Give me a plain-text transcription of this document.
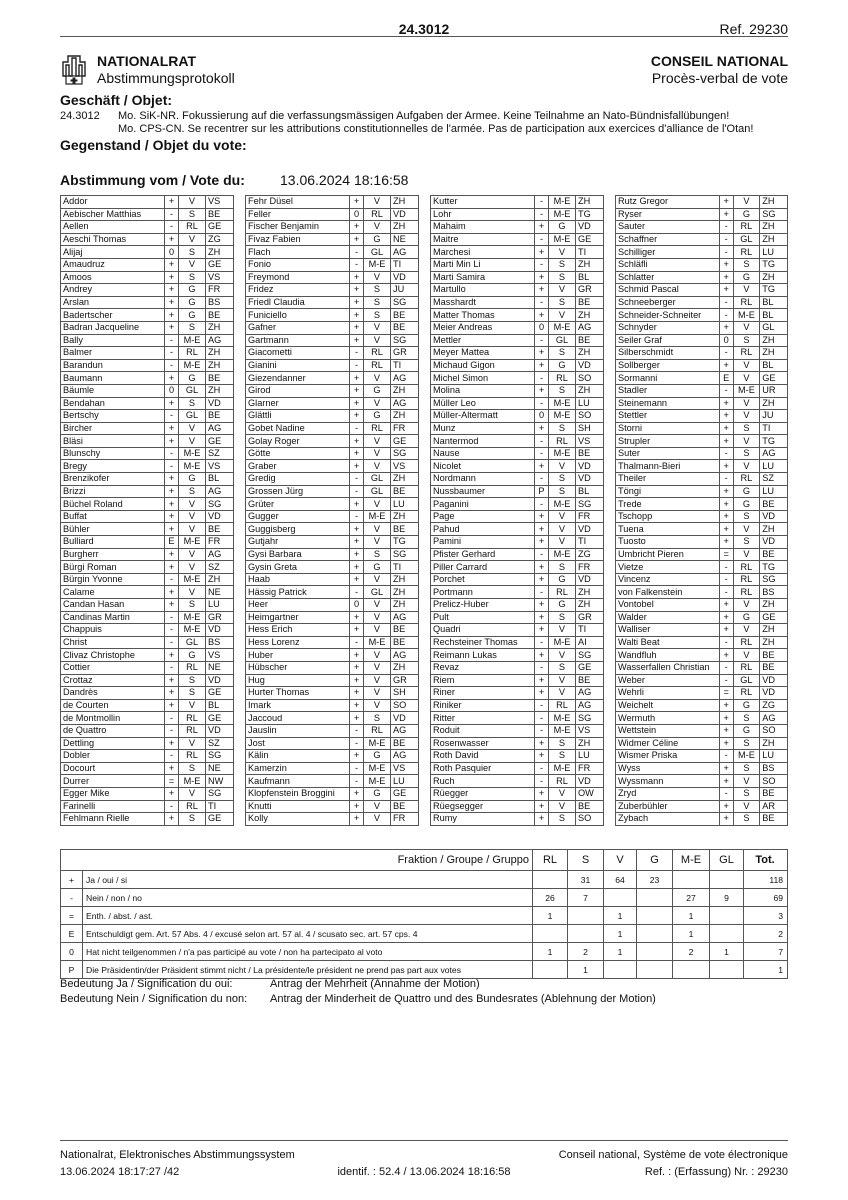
24.3012	Ref. 29230
NATIONALRAT
Abstimmungsprotokoll
CONSEIL NATIONAL
Procès-verbal de vote
Geschäft / Objet:
24.3012 Mo. SiK-NR. Fokussierung auf die verfassungsmässigen Aufgaben der Armee. Keine Teilnahme an Nato-Bündnisfallübungen!
Mo. CPS-CN. Se recentrer sur les attributions constitutionnelles de l'armée. Pas de participation aux exercices d'alliance de l'Otan!
Gegenstand / Objet du vote:
Abstimmung vom / Vote du:	13.06.2024 18:16:58
Addor	+	V	VS
Aebischer Matthias	-	S	BE
Aellen	-	RL	GE
Aeschi Thomas	+	V	ZG
Alijaj	0	S	ZH
Amaudruz	+	V	GE
Amoos	+	S	VS
Andrey	+	G	FR
Arslan	+	G	BS
Badertscher	+	G	BE
Badran Jacqueline	+	S	ZH
Bally	-	M-E	AG
Balmer	-	RL	ZH
Barandun	-	M-E	ZH
Baumann	+	G	BE
Bäumle	0	GL	ZH
Bendahan	+	S	VD
Bertschy	-	GL	BE
Bircher	+	V	AG
Bläsi	+	V	GE
Blunschy	-	M-E	SZ
Bregy	-	M-E	VS
Brenzikofer	+	G	BL
Brizzi	+	S	AG
Büchel Roland	+	V	SG
Buffat	+	V	VD
Bühler	+	V	BE
Bulliard	E	M-E	FR
Burgherr	+	V	AG
Bürgi Roman	+	V	SZ
Bürgin Yvonne	-	M-E	ZH
Calame	+	V	NE
Candan Hasan	+	S	LU
Candinas Martin	-	M-E	GR
Chappuis	-	M-E	VD
Christ	-	GL	BS
Clivaz Christophe	+	G	VS
Cottier	-	RL	NE
Crottaz	+	S	VD
Dandrès	+	S	GE
de Courten	+	V	BL
de Montmollin	-	RL	GE
de Quattro	-	RL	VD
Dettling	+	V	SZ
Dobler	-	RL	SG
Docourt	+	S	NE
Durrer	=	M-E	NW
Egger Mike	+	V	SG
Farinelli	-	RL	TI
Fehlmann Rielle	+	S	GE
Fehr Düsel	+	V	ZH
Feller	0	RL	VD
Fischer Benjamin	+	V	ZH
Fivaz Fabien	+	G	NE
Flach	-	GL	AG
Fonio	-	M-E	TI
Freymond	+	V	VD
Fridez	+	S	JU
Friedl Claudia	+	S	SG
Funiciello	+	S	BE
Gafner	+	V	BE
Gartmann	+	V	SG
Giacometti	-	RL	GR
Gianini	-	RL	TI
Giezendanner	+	V	AG
Girod	+	G	ZH
Glarner	+	V	AG
Glättli	+	G	ZH
Gobet Nadine	-	RL	FR
Golay Roger	+	V	GE
Götte	+	V	SG
Graber	+	V	VS
Gredig	-	GL	ZH
Grossen Jürg	-	GL	BE
Grüter	+	V	LU
Gugger	-	M-E	ZH
Guggisberg	+	V	BE
Gutjahr	+	V	TG
Gysi Barbara	+	S	SG
Gysin Greta	+	G	TI
Haab	+	V	ZH
Hässig Patrick	-	GL	ZH
Heer	0	V	ZH
Heimgartner	+	V	AG
Hess Erich	+	V	BE
Hess Lorenz	-	M-E	BE
Huber	+	V	AG
Hübscher	+	V	ZH
Hug	+	V	GR
Hurter Thomas	+	V	SH
Imark	+	V	SO
Jaccoud	+	S	VD
Jauslin	-	RL	AG
Jost	-	M-E	BE
Kälin	+	G	AG
Kamerzin	-	M-E	VS
Kaufmann	-	M-E	LU
Klopfenstein Broggini	+	G	GE
Knutti	+	V	BE
Kolly	+	V	FR
Kutter	-	M-E	ZH
Lohr	-	M-E	TG
Mahaim	+	G	VD
Maitre	-	M-E	GE
Marchesi	+	V	TI
Marti Min Li	-	S	ZH
Marti Samira	+	S	BL
Martullo	+	V	GR
Masshardt	-	S	BE
Matter Thomas	+	V	ZH
Meier Andreas	0	M-E	AG
Mettler	-	GL	BE
Meyer Mattea	+	S	ZH
Michaud Gigon	+	G	VD
Michel Simon	-	RL	SO
Molina	+	S	ZH
Müller Leo	-	M-E	LU
Müller-Altermatt	0	M-E	SO
Munz	+	S	SH
Nantermod	-	RL	VS
Nause	-	M-E	BE
Nicolet	+	V	VD
Nordmann	-	S	VD
Nussbaumer	P	S	BL
Paganini	-	M-E	SG
Page	+	V	FR
Pahud	+	V	VD
Pamini	+	V	TI
Pfister Gerhard	-	M-E	ZG
Piller Carrard	+	S	FR
Porchet	+	G	VD
Portmann	-	RL	ZH
Prelicz-Huber	+	G	ZH
Pult	+	S	GR
Quadri	+	V	TI
Rechsteiner Thomas	-	M-E	AI
Reimann Lukas	+	V	SG
Revaz	-	S	GE
Riem	+	V	BE
Riner	+	V	AG
Riniker	-	RL	AG
Ritter	-	M-E	SG
Roduit	-	M-E	VS
Rosenwasser	+	S	ZH
Roth David	+	S	LU
Roth Pasquier	-	M-E	FR
Ruch	-	RL	VD
Rüegger	+	V	OW
Rüegsegger	+	V	BE
Rumy	+	S	SO
Rutz Gregor	+	V	ZH
Ryser	+	G	SG
Sauter	-	RL	ZH
Schaffner	-	GL	ZH
Schilliger	-	RL	LU
Schläfli	+	S	TG
Schlatter	+	G	ZH
Schmid Pascal	+	V	TG
Schneeberger	-	RL	BL
Schneider-Schneiter	-	M-E	BL
Schnyder	+	V	GL
Seiler Graf	0	S	ZH
Silberschmidt	-	RL	ZH
Sollberger	+	V	BL
Sormanni	E	V	GE
Stadler	-	M-E	UR
Steinemann	+	V	ZH
Stettler	+	V	JU
Storni	+	S	TI
Strupler	+	V	TG
Suter	-	S	AG
Thalmann-Bieri	+	V	LU
Theiler	-	RL	SZ
Töngi	+	G	LU
Trede	+	G	BE
Tschopp	+	S	VD
Tuena	+	V	ZH
Tuosto	+	S	VD
Umbricht Pieren	=	V	BE
Vietze	-	RL	TG
Vincenz	-	RL	SG
von Falkenstein	-	RL	BS
Vontobel	+	V	ZH
Walder	+	G	GE
Walliser	+	V	ZH
Walti Beat	-	RL	ZH
Wandfluh	+	V	BE
Wasserfallen Christian	-	RL	BE
Weber	-	GL	VD
Wehrli	=	RL	VD
Weichelt	+	G	ZG
Wermuth	+	S	AG
Wettstein	+	G	SO
Widmer Céline	+	S	ZH
Wismer Priska	-	M-E	LU
Wyss	+	S	BS
Wyssmann	+	V	SO
Zryd	-	S	BE
Zuberbühler	+	V	AR
Zybach	+	S	BE
Fraktion / Groupe / Gruppo		RL	S	V	G	M-E	GL	Tot.
+	Ja / oui / si		31	64	23			118
-	Nein / non / no	26	7			27	9	69
=	Enth. / abst. / ast.	1		1		1		3
E	Entschuldigt gem. Art. 57 Abs. 4 / excusé selon art. 57 al. 4 / scusato sec. art. 57 cps. 4			1		1		2
0	Hat nicht teilgenommen / n'a pas participé au vote / non ha partecipato al voto	1	2	1		2	1	7
P	Die Präsidentin/der Präsident stimmt nicht / La présidente/le président ne prend pas part aux votes		1					1
Bedeutung Ja / Signification du oui:	Antrag der Mehrheit (Annahme der Motion)
Bedeutung Nein / Signification du non: Antrag der Minderheit de Quattro und des Bundesrates (Ablehnung der Motion)
Nationalrat, Elektronisches Abstimmungssystem	Conseil national, Système de vote électronique
13.06.2024 18:17:27 /42	identif. : 52.4 / 13.06.2024 18:16:58	Ref. : (Erfassung) Nr. : 29230
